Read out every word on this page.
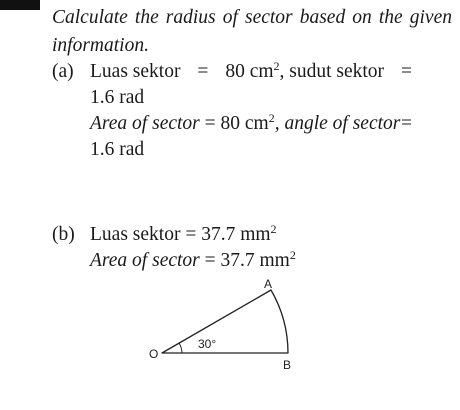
Calculate the radius of sector based on the given information.
(a) Luas sektor = 80 $cm^2$, sudut sektor =
1.6 rad
Area of sector = 80 $cm^2$, angle of sector =
1.6 rad
(b) Luas sektor = 37.7 $mm^2$
Area of sector = 37.7 $mm^2$
O
A
B
30°
